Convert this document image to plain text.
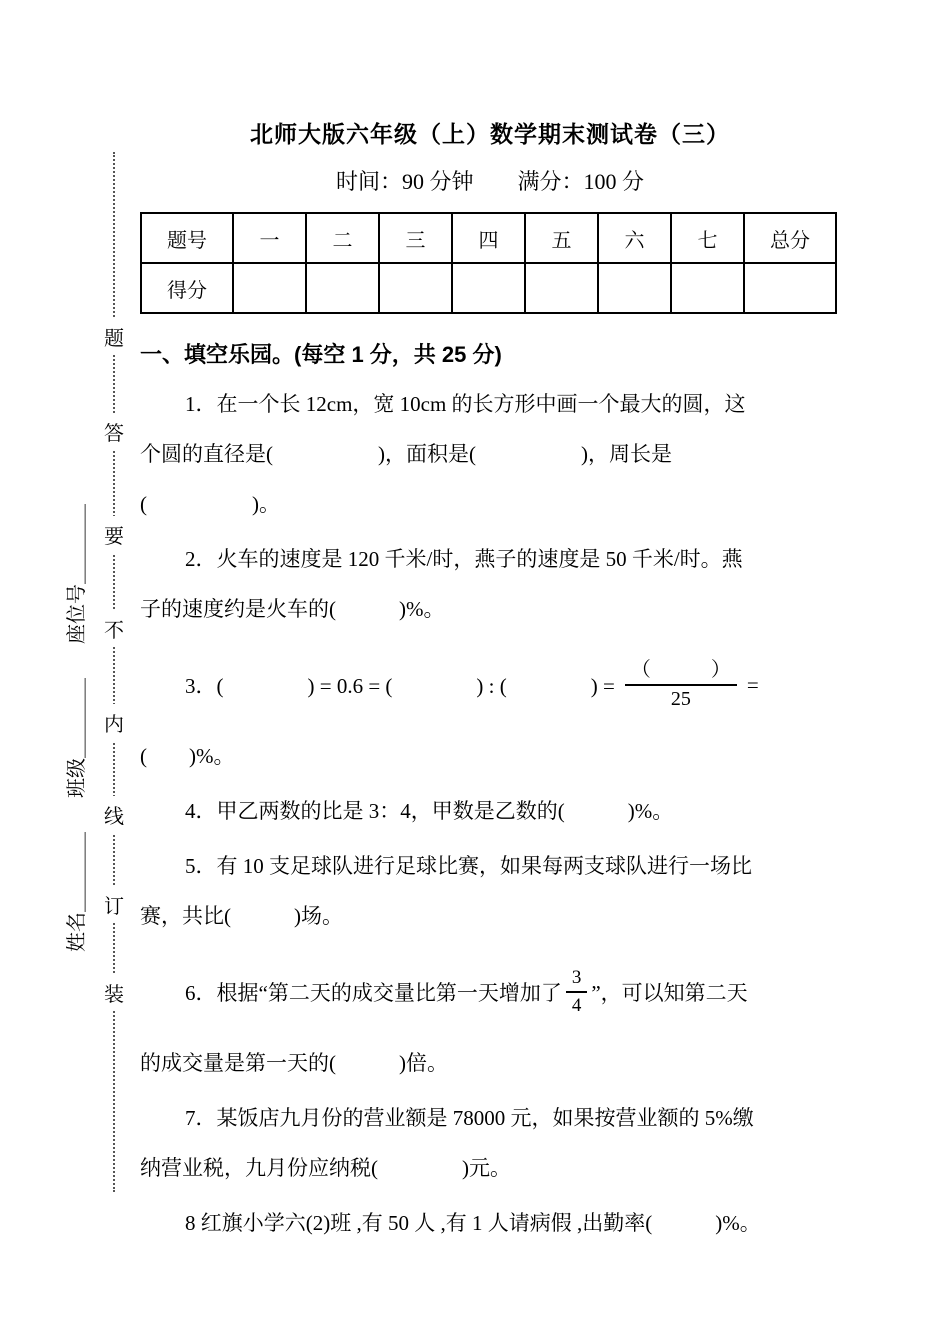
题
答
要
不
内
线
订
装
姓名＿＿＿＿
班级＿＿＿＿
座位号＿＿＿＿
北师大版六年级（上）数学期末测试卷（三）
时间：90 分钟　　满分：100 分
题号	一	二	三	四	五	六	七	总分
得分								
一、填空乐园。(每空 1 分，共 25 分)
1．在一个长 12cm，宽 10cm 的长方形中画一个最大的圆，这
个圆的直径是(　　　　　)，面积是(　　　　　)，周长是
(　　　　　)。
2．火车的速度是 120 千米/时，燕子的速度是 50 千米/时。燕
子的速度约是火车的(　　　)%。
3．(　　　　) = 0.6 = (　　　　) : (　　　　) = $\frac{( )}{25}$ =
(　　)%。
4．甲乙两数的比是 3：4，甲数是乙数的(　　　)%。
5．有 10 支足球队进行足球比赛，如果每两支球队进行一场比
赛，共比(　　　)场。
6．根据“第二天的成交量比第一天增加了 $\frac{3}{4}$ ”，可以知第二天
的成交量是第一天的(　　　)倍。
7．某饭店九月份的营业额是 78000 元，如果按营业额的 5%缴
纳营业税，九月份应纳税(　　　　)元。
8 红旗小学六(2)班 ,有 50 人 ,有 1 人请病假 ,出勤率(　　　)%。
